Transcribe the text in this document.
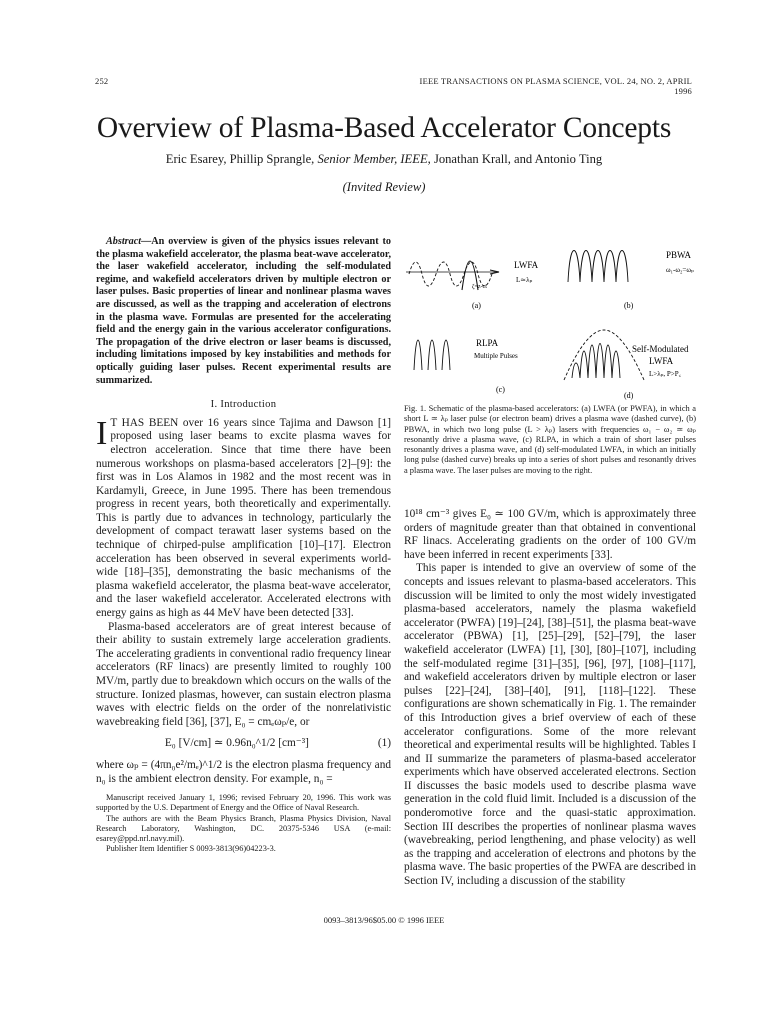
252	IEEE TRANSACTIONS ON PLASMA SCIENCE, VOL. 24, NO. 2, APRIL 1996
Overview of Plasma-Based Accelerator Concepts
Eric Esarey, Phillip Sprangle, Senior Member, IEEE, Jonathan Krall, and Antonio Ting
(Invited Review)

Abstract—An overview is given of the physics issues relevant to the plasma wakefield accelerator, the plasma beat-wave accelerator, the laser wakefield accelerator, including the self-modulated regime, and wakefield accelerators driven by multiple electron or laser pulses. Basic properties of linear and nonlinear plasma waves are discussed, as well as the trapping and acceleration of electrons in the plasma wave. Formulas are presented for the accelerating field and the energy gain in the various accelerator configurations. The propagation of the drive electron or laser beams is discussed, including limitations imposed by key instabilities and methods for optically guiding laser pulses. Recent experimental results are summarized.

I. Introduction

I T HAS BEEN over 16 years since Tajima and Dawson [1] proposed using laser beams to excite plasma waves for electron acceleration. Since that time there have been numerous workshops on plasma-based accelerators [2]–[9]: the first was in Los Alamos in 1982 and the most recent was in Kardamyli, Greece, in June 1995. There has been tremendous progress in recent years, both theoretically and experimentally. This is partly due to advances in technology, particularly the development of compact terawatt laser systems based on the technique of chirped-pulse amplification [10]–[17]. Electron acceleration has been observed in several experiments world-wide [18]–[35], demonstrating the basic mechanisms of the plasma wakefield accelerator, the plasma beat-wave accelerator, and the laser wakefield accelerator. Accelerated electrons with energy gains as high as 44 MeV have been detected [33].

Plasma-based accelerators are of great interest because of their ability to sustain extremely large acceleration gradients. The accelerating gradients in conventional radio frequency linear accelerators (RF linacs) are presently limited to roughly 100 MV/m, partly due to breakdown which occurs on the walls of the structure. Ionized plasmas, however, can sustain electron plasma waves with electric fields on the order of the nonrelativistic wavebreaking field [36], [37], E₀ = cmₑωₚ/e, or

E₀ [V/cm] ≃ 0.96n₀^1/2 [cm⁻³]	(1)

where ωₚ = (4πn₀e²/mₑ)^1/2 is the electron plasma frequency and n₀ is the ambient electron density. For example, n₀ =

Manuscript received January 1, 1996; revised February 20, 1996. This work was supported by the U.S. Department of Energy and the Office of Naval Research.
The authors are with the Beam Physics Branch, Plasma Physics Division, Naval Research Laboratory, Washington, DC. 20375-5346 USA (e-mail: esarey@ppd.nrl.navy.mil).
Publisher Item Identifier S 0093-3813(96)04223-3.
LWFA
L≃λₚ
ζ=z-ct
(a)
PBWA
ω₁-ω₂=ωₚ
(b)
RLPA
Multiple Pulses
(c)
Self-Modulated
LWFA
L>λₚ, P>P꜀
(d)
Fig. 1. Schematic of the plasma-based accelerators: (a) LWFA (or PWFA), in which a short L ≃ λₚ laser pulse (or electron beam) drives a plasma wave (dashed curve), (b) PBWA, in which two long pulse (L > λₚ) lasers with frequencies ω₁ − ω₂ ≃ ωₚ resonantly drive a plasma wave, (c) RLPA, in which a train of short laser pulses resonantly drives a plasma wave, and (d) self-modulated LWFA, in which an initially long pulse (dashed curve) breaks up into a series of short pulses and resonantly drives a plasma wave. The laser pulses are moving to the right.

10¹⁸ cm⁻³ gives E₀ ≃ 100 GV/m, which is approximately three orders of magnitude greater than that obtained in conventional RF linacs. Accelerating gradients on the order of 100 GV/m have been inferred in recent experiments [33].

This paper is intended to give an overview of some of the concepts and issues relevant to plasma-based accelerators. This discussion will be limited to only the most widely investigated plasma-based accelerators, namely the plasma wakefield accelerator (PWFA) [19]–[24], [38]–[51], the plasma beat-wave accelerator (PBWA) [1], [25]–[29], [52]–[79], the laser wakefield accelerator (LWFA) [1], [30], [80]–[107], including the self-modulated regime [31]–[35], [96], [97], [108]–[117], and wakefield accelerators driven by multiple electron or laser pulses [22]–[24], [38]–[40], [91], [118]–[122]. These configurations are shown schematically in Fig. 1. The remainder of this Introduction gives a brief overview of each of these accelerator configurations. Some of the more relevant theoretical and experimental results will be highlighted. Tables I and II summarize the parameters of plasma-based accelerator experiments which have observed accelerated electrons. Section II discusses the basic models used to describe plasma wave generation in the cold fluid limit. Included is a discussion of the ponderomotive force and the quasi-static approximation. Section III describes the properties of nonlinear plasma waves (wavebreaking, period lengthening, and phase velocity) as well as the trapping and acceleration of electrons and photons by the plasma wave. The basic properties of the PWFA are described in Section IV, including a discussion of the stability

0093–3813/96$05.00 © 1996 IEEE
